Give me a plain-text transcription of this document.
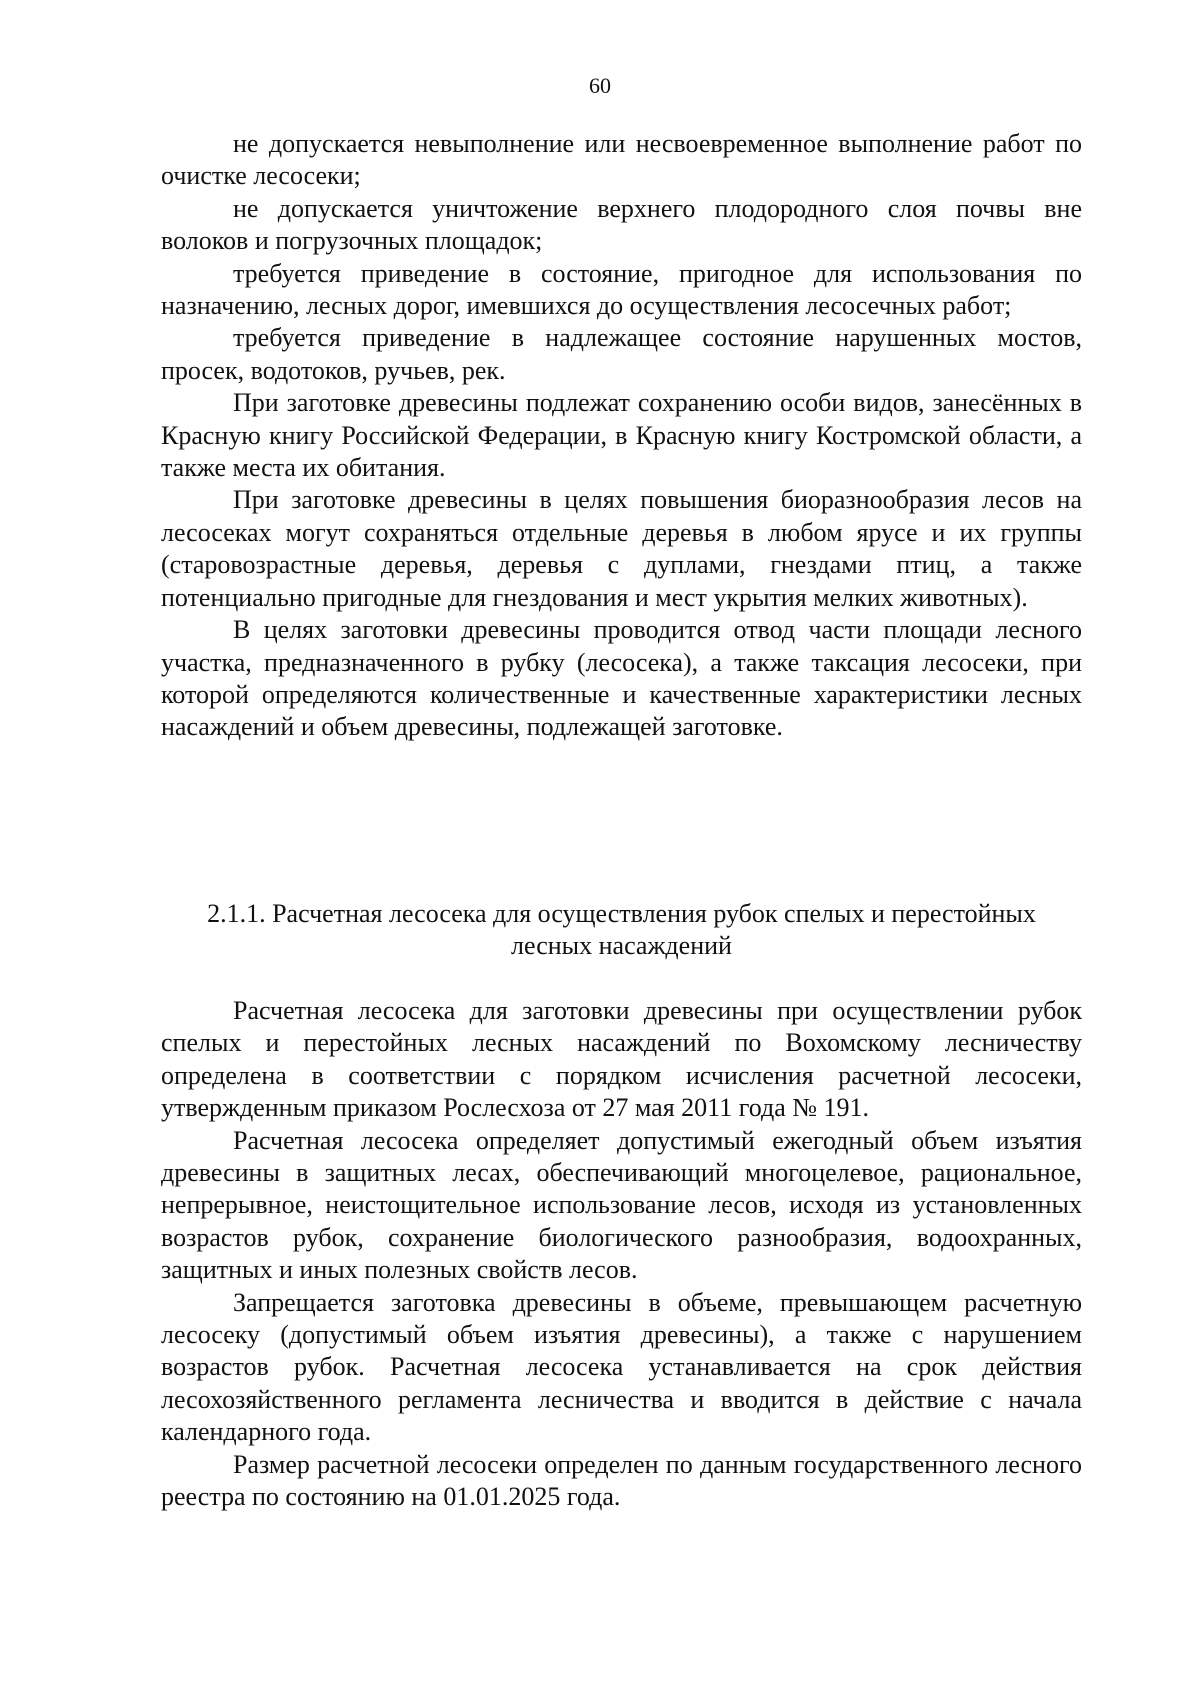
60

не допускается невыполнение или несвоевременное выполнение работ по очистке лесосеки;

не допускается уничтожение верхнего плодородного слоя почвы вне волоков и погрузочных площадок;

требуется приведение в состояние, пригодное для использования по назначению, лесных дорог, имевшихся до осуществления лесосечных работ;

требуется приведение в надлежащее состояние нарушенных мостов, просек, водотоков, ручьев, рек.

При заготовке древесины подлежат сохранению особи видов, занесённых в Красную книгу Российской Федерации, в Красную книгу Костромской области, а также места их обитания.

При заготовке древесины в целях повышения биоразнообразия лесов на лесосеках могут сохраняться отдельные деревья в любом ярусе и их группы (старовозрастные деревья, деревья с дуплами, гнездами птиц, а также потенциально пригодные для гнездования и мест укрытия мелких животных).

В целях заготовки древесины проводится отвод части площади лесного участка, предназначенного в рубку (лесосека), а также таксация лесосеки, при которой определяются количественные и качественные характеристики лесных насаждений и объем древесины, подлежащей заготовке.

2.1.1. Расчетная лесосека для осуществления рубок спелых и перестойных
лесных насаждений

Расчетная лесосека для заготовки древесины при осуществлении рубок спелых и перестойных лесных насаждений по Вохомскому лесничеству определена в соответствии с порядком исчисления расчетной лесосеки, утвержденным приказом Рослесхоза от 27 мая 2011 года № 191.

Расчетная лесосека определяет допустимый ежегодный объем изъятия древесины в защитных лесах, обеспечивающий многоцелевое, рациональное, непрерывное, неистощительное использование лесов, исходя из установленных возрастов рубок, сохранение биологического разнообразия, водоохранных, защитных и иных полезных свойств лесов.

Запрещается заготовка древесины в объеме, превышающем расчетную лесосеку (допустимый объем изъятия древесины), а также с нарушением возрастов рубок. Расчетная лесосека устанавливается на срок действия лесохозяйственного регламента лесничества и вводится в действие с начала календарного года.

Размер расчетной лесосеки определен по данным государственного лесного реестра по состоянию на 01.01.2025 года.
